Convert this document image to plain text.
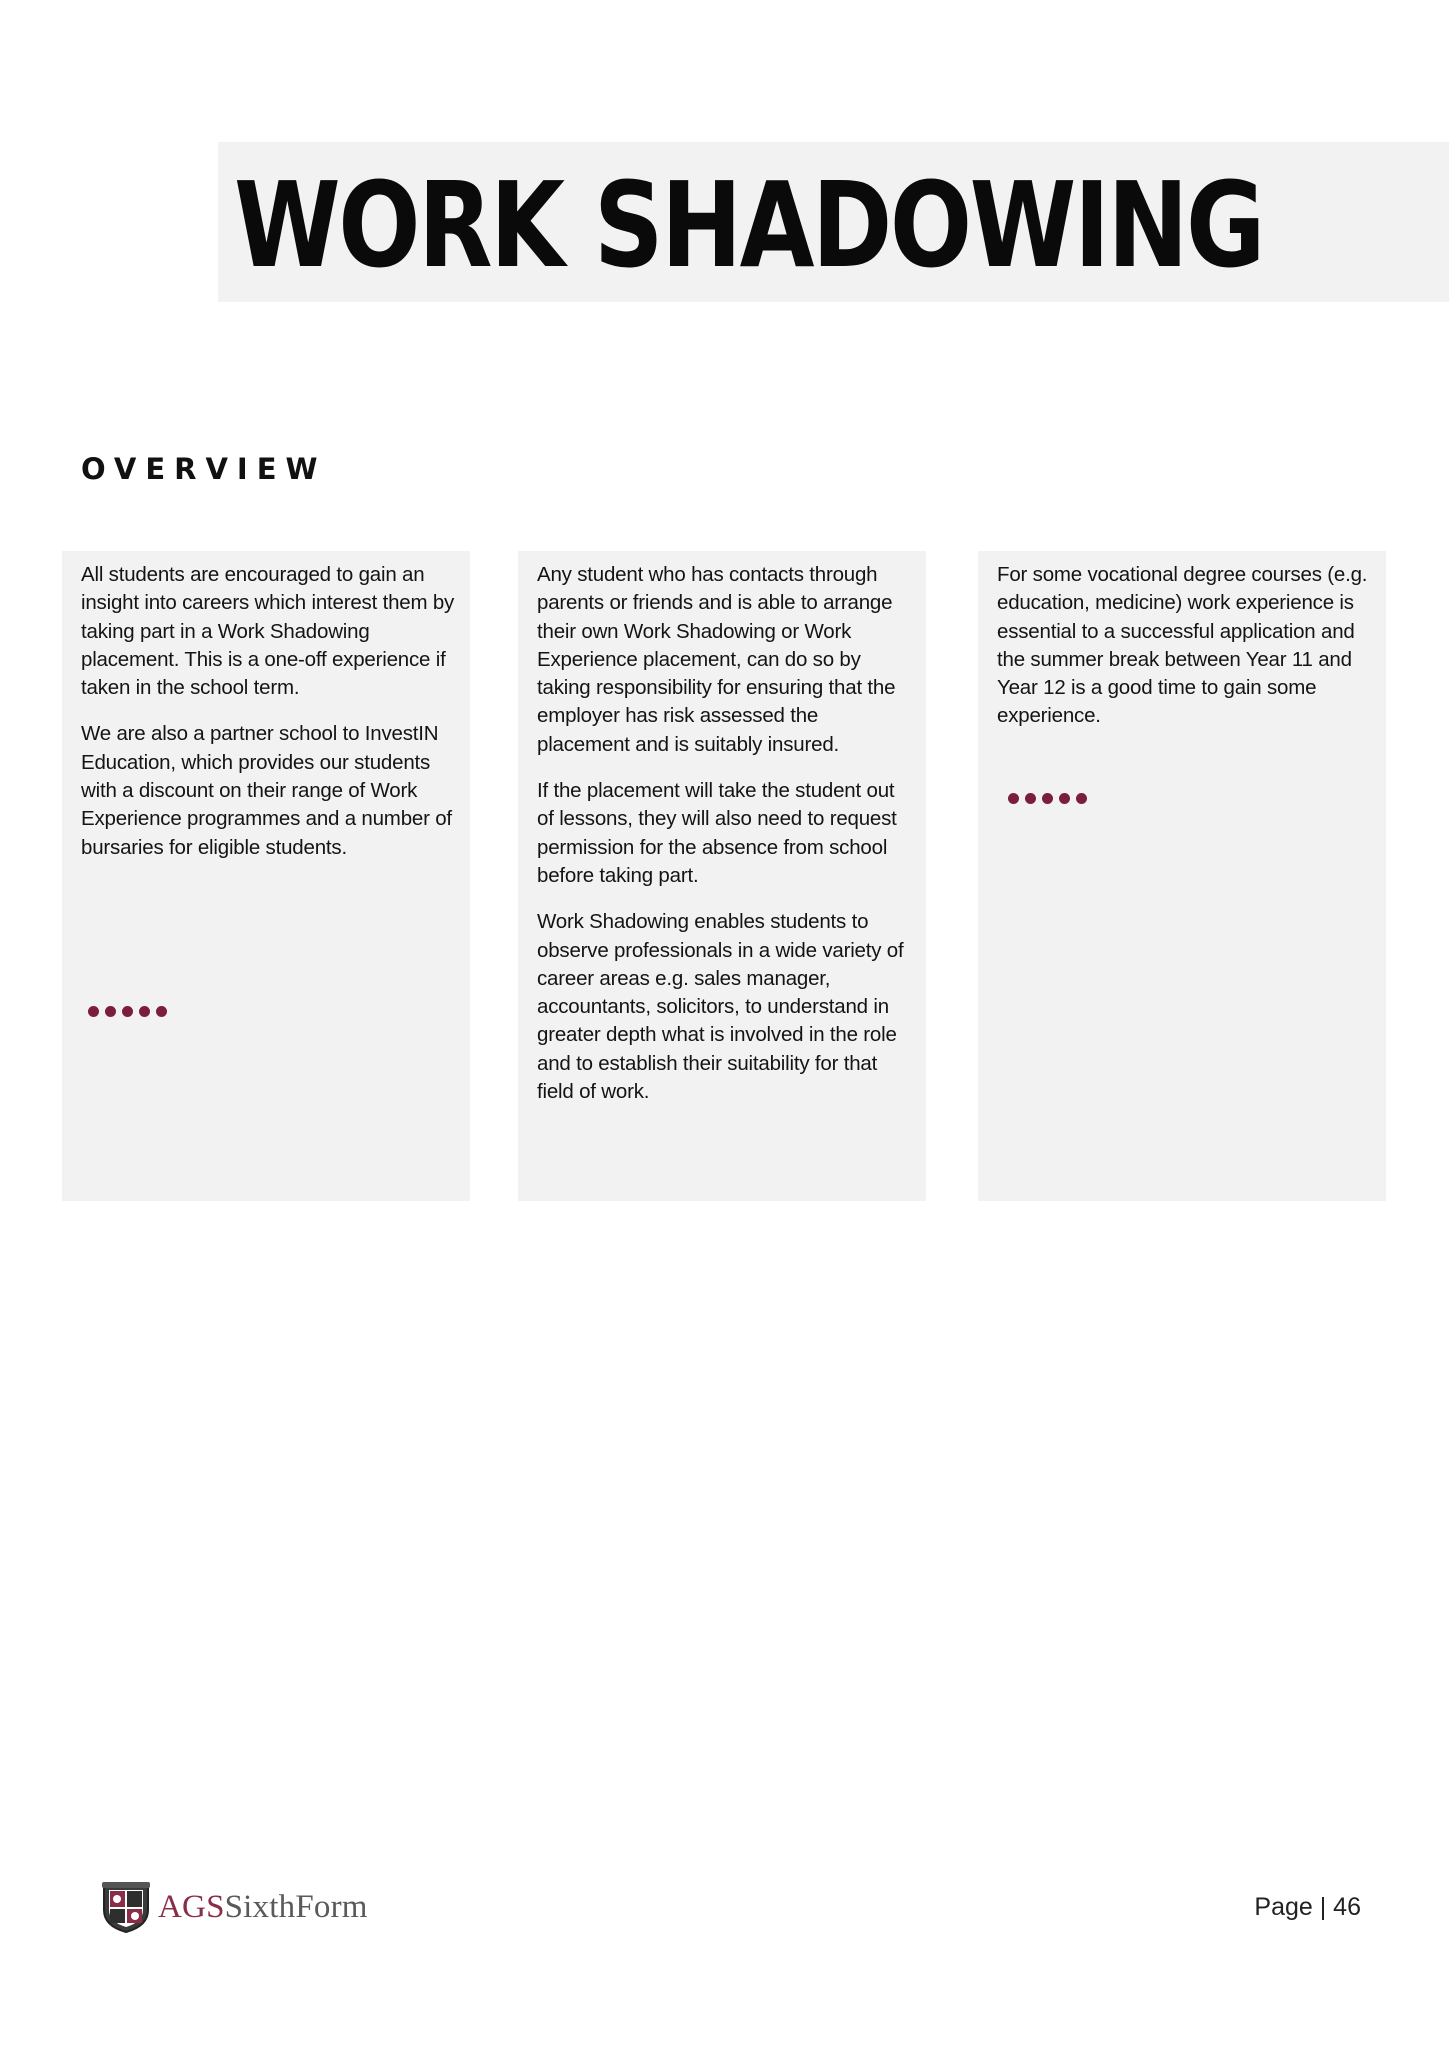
WORK SHADOWING
OVERVIEW

All students are encouraged to gain an insight into careers which interest them by taking part in a Work Shadowing placement. This is a one-off experience if taken in the school term.

We are also a partner school to InvestIN Education, which provides our students with a discount on their range of Work Experience programmes and a number of bursaries for eligible students.

Any student who has contacts through parents or friends and is able to arrange their own Work Shadowing or Work Experience placement, can do so by taking responsibility for ensuring that the employer has risk assessed the placement and is suitably insured.

If the placement will take the student out of lessons, they will also need to request permission for the absence from school before taking part.

Work Shadowing enables students to observe professionals in a wide variety of career areas e.g. sales manager, accountants, solicitors, to understand in greater depth what is involved in the role and to establish their suitability for that field of work.

For some vocational degree courses (e.g. education, medicine) work experience is essential to a successful application and the summer break between Year 11 and Year 12 is a good time to gain some experience.

AGSSixthForm	Page | 46
